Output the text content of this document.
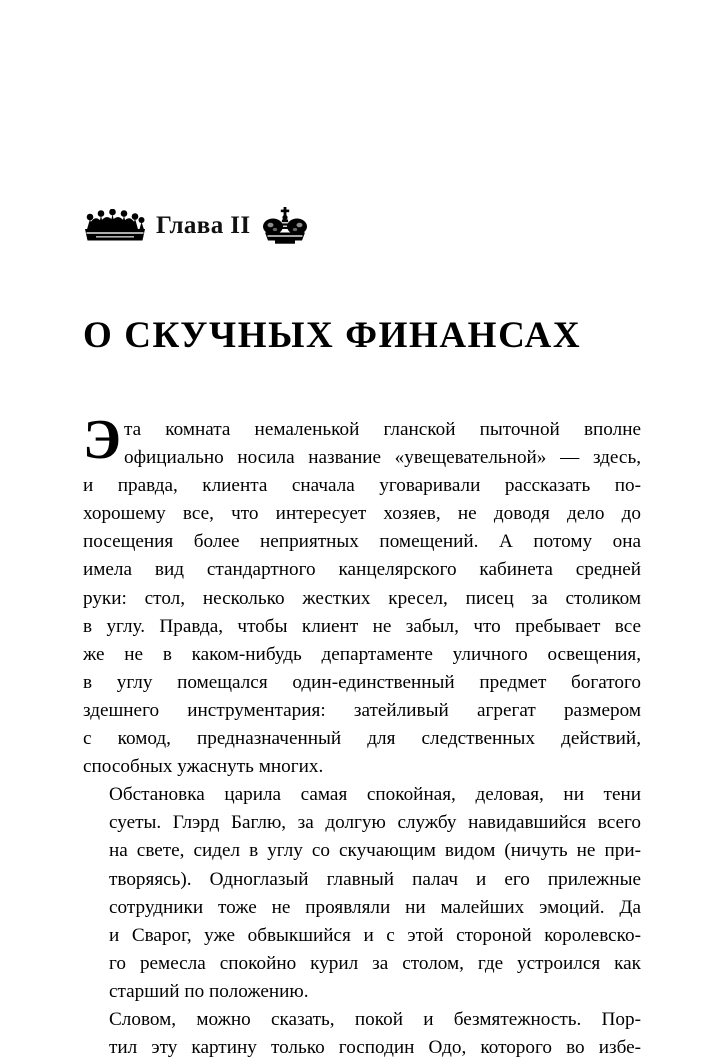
Глава II
О СКУЧНЫХ ФИНАНСАХ

Э та комната немаленькой гланской пыточной вполне
официально носила название «увещевательной» — здесь,
и правда, клиента сначала уговаривали рассказать по-
хорошему все, что интересует хозяев, не доводя дело до
посещения более неприятных помещений. А потому она
имела вид стандартного канцелярского кабинета средней
руки: стол, несколько жестких кресел, писец за столиком
в углу. Правда, чтобы клиент не забыл, что пребывает все
же не в каком-нибудь департаменте уличного освещения,
в углу помещался один-единственный предмет богатого
здешнего инструментария: затейливый агрегат размером
с комод, предназначенный для следственных действий,
способных ужаснуть многих.

Обстановка царила самая спокойная, деловая, ни тени
суеты. Глэрд Баглю, за долгую службу навидавшийся всего
на свете, сидел в углу со скучающим видом (ничуть не при-
творяясь). Одноглазый главный палач и его прилежные
сотрудники тоже не проявляли ни малейших эмоций. Да
и Сварог, уже обвыкшийся и с этой стороной королевско-
го ремесла спокойно курил за столом, где устроился как
старший по положению.

Словом, можно сказать, покой и безмятежность. Пор-
тил эту картину только господин Одо, которого во избе-
